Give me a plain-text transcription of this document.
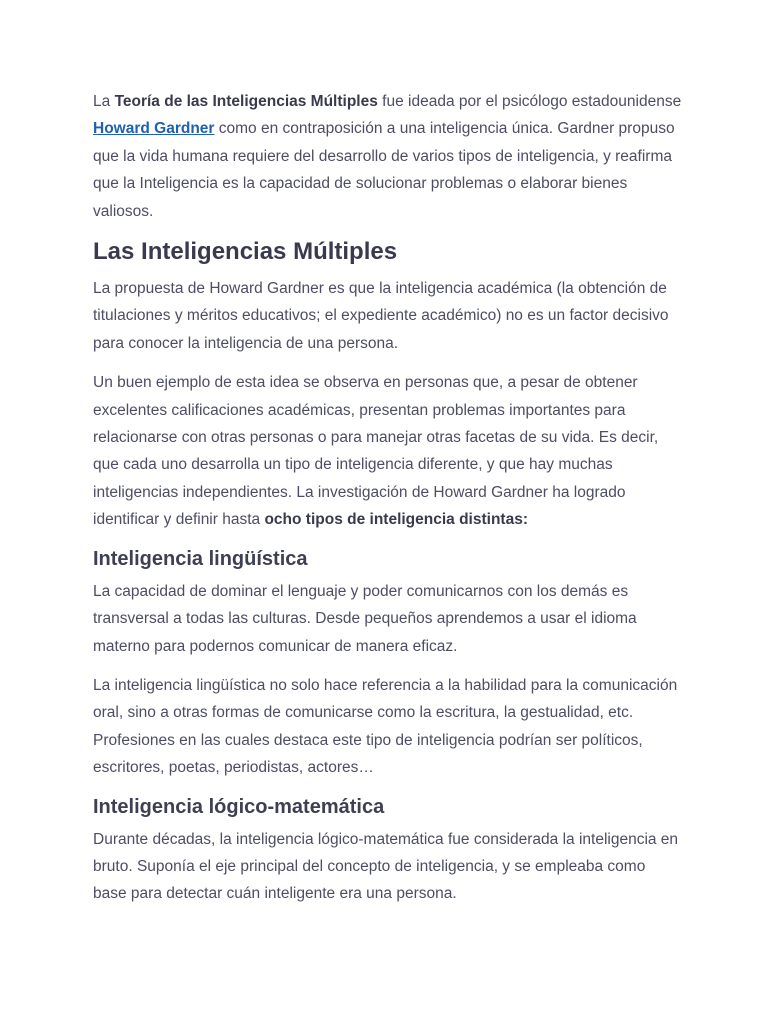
La Teoría de las Inteligencias Múltiples fue ideada por el psicólogo estadounidense Howard Gardner como en contraposición a una inteligencia única. Gardner propuso que la vida humana requiere del desarrollo de varios tipos de inteligencia, y reafirma que la Inteligencia es la capacidad de solucionar problemas o elaborar bienes valiosos.

Las Inteligencias Múltiples

La propuesta de Howard Gardner es que la inteligencia académica (la obtención de titulaciones y méritos educativos; el expediente académico) no es un factor decisivo para conocer la inteligencia de una persona.

Un buen ejemplo de esta idea se observa en personas que, a pesar de obtener excelentes calificaciones académicas, presentan problemas importantes para relacionarse con otras personas o para manejar otras facetas de su vida. Es decir, que cada uno desarrolla un tipo de inteligencia diferente, y que hay muchas inteligencias independientes. La investigación de Howard Gardner ha logrado identificar y definir hasta ocho tipos de inteligencia distintas:

Inteligencia lingüística

La capacidad de dominar el lenguaje y poder comunicarnos con los demás es transversal a todas las culturas. Desde pequeños aprendemos a usar el idioma materno para podernos comunicar de manera eficaz.

La inteligencia lingüística no solo hace referencia a la habilidad para la comunicación oral, sino a otras formas de comunicarse como la escritura, la gestualidad, etc. Profesiones en las cuales destaca este tipo de inteligencia podrían ser políticos, escritores, poetas, periodistas, actores…

Inteligencia lógico-matemática

Durante décadas, la inteligencia lógico-matemática fue considerada la inteligencia en bruto. Suponía el eje principal del concepto de inteligencia, y se empleaba como base para detectar cuán inteligente era una persona.
